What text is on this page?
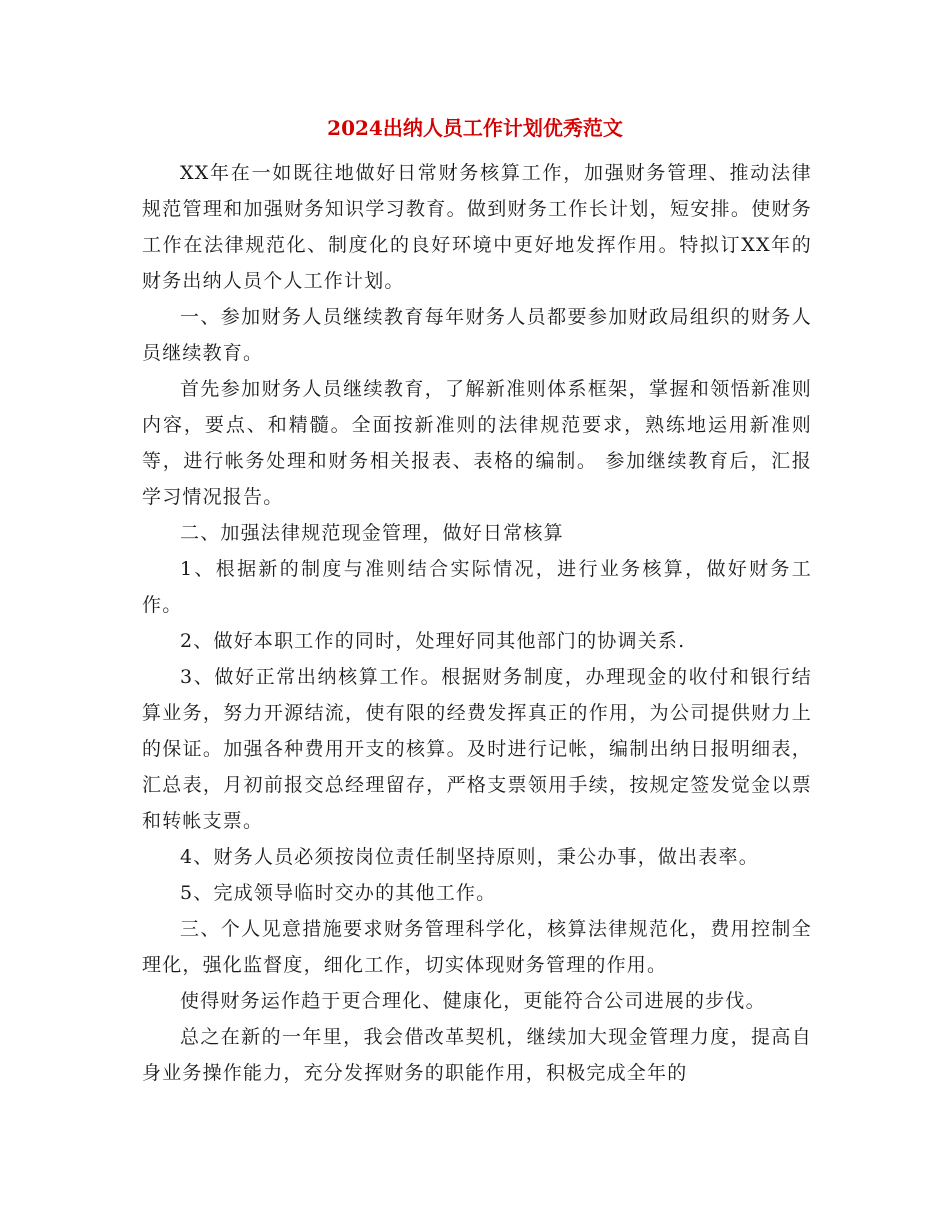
2024出纳人员工作计划优秀范文

XX年在一如既往地做好日常财务核算工作，加强财务管理、推动法律规范管理和加强财务知识学习教育。做到财务工作长计划，短安排。使财务工作在法律规范化、制度化的良好环境中更好地发挥作用。特拟订XX年的财务出纳人员个人工作计划。

一、参加财务人员继续教育每年财务人员都要参加财政局组织的财务人员继续教育。

首先参加财务人员继续教育，了解新准则体系框架，掌握和领悟新准则内容，要点、和精髓。全面按新准则的法律规范要求，熟练地运用新准则等，进行帐务处理和财务相关报表、表格的编制。 参加继续教育后，汇报学习情况报告。

二、加强法律规范现金管理，做好日常核算

1、根据新的制度与准则结合实际情况，进行业务核算，做好财务工作。

2、做好本职工作的同时，处理好同其他部门的协调关系.

3、做好正常出纳核算工作。根据财务制度，办理现金的收付和银行结算业务，努力开源结流，使有限的经费发挥真正的作用，为公司提供财力上的保证。加强各种费用开支的核算。及时进行记帐，编制出纳日报明细表，汇总表，月初前报交总经理留存，严格支票领用手续，按规定签发觉金以票和转帐支票。

4、财务人员必须按岗位责任制坚持原则，秉公办事，做出表率。

5、完成领导临时交办的其他工作。

三、个人见意措施要求财务管理科学化，核算法律规范化，费用控制全理化，强化监督度，细化工作，切实体现财务管理的作用。

使得财务运作趋于更合理化、健康化，更能符合公司进展的步伐。

总之在新的一年里，我会借改革契机，继续加大现金管理力度，提高自身业务操作能力，充分发挥财务的职能作用，积极完成全年的
